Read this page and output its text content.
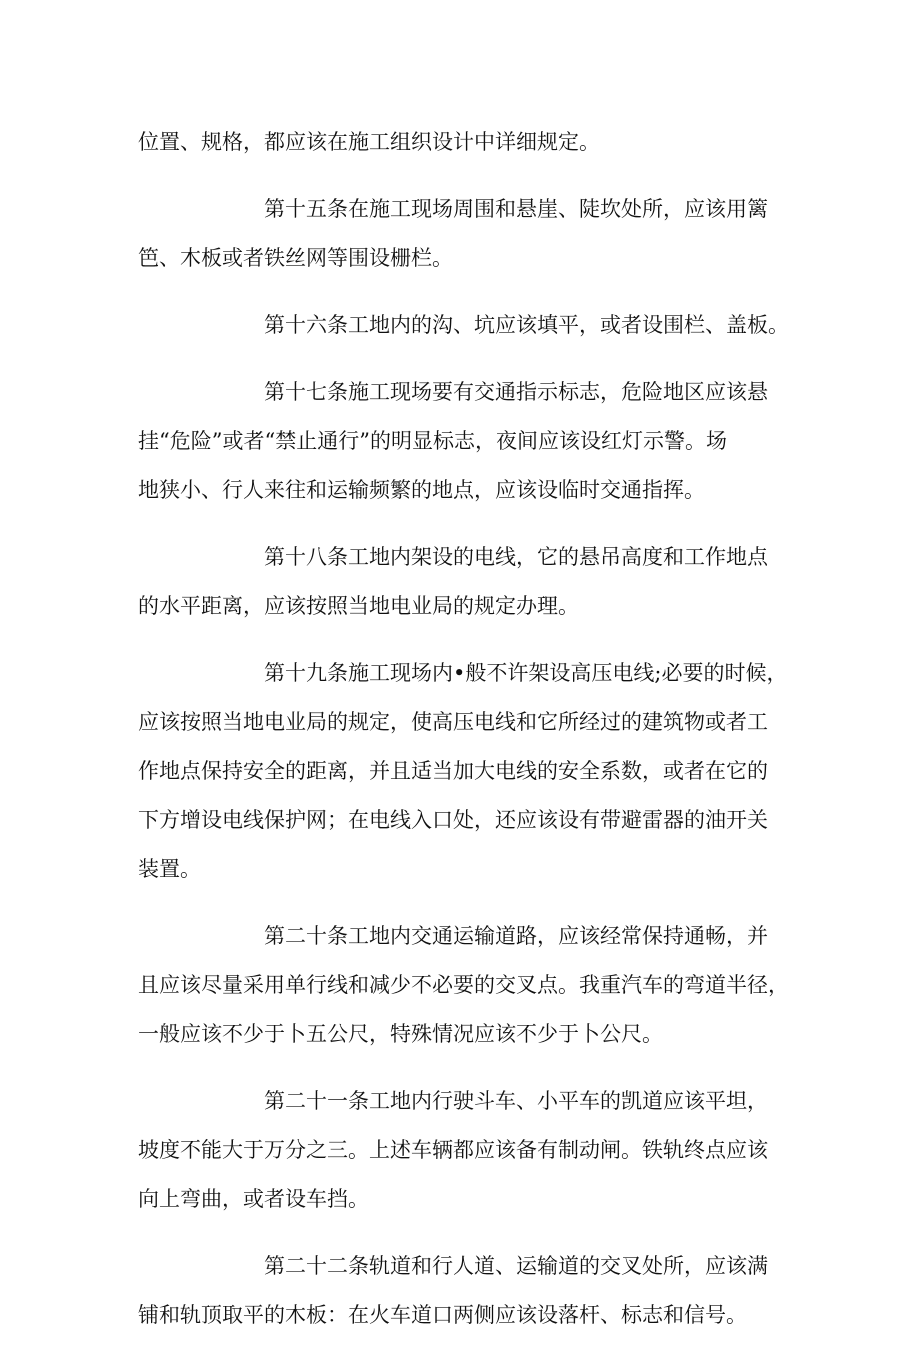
位置、规格，都应该在施工组织设计中详细规定。

第十五条在施工现场周围和悬崖、陡坎处所，应该用篱
笆、木板或者铁丝网等围设栅栏。

第十六条工地内的沟、坑应该填平，或者设围栏、盖板。

第十七条施工现场要有交通指示标志，危险地区应该悬
挂“危险”或者“禁止通行”的明显标志，夜间应该设红灯示警。场
地狭小、行人来往和运输频繁的地点，应该设临时交通指挥。

第十八条工地内架设的电线，它的悬吊高度和工作地点
的水平距离，应该按照当地电业局的规定办理。

第十九条施工现场内•般不许架设高压电线;必要的时候，
应该按照当地电业局的规定，使高压电线和它所经过的建筑物或者工
作地点保持安全的距离，并且适当加大电线的安全系数，或者在它的
下方增设电线保护网；在电线入口处，还应该设有带避雷器的油开关
装置。

第二十条工地内交通运输道路，应该经常保持通畅，并
且应该尽量采用单行线和减少不必要的交叉点。我重汽车的弯道半径，
一般应该不少于卜五公尺，特殊情况应该不少于卜公尺。

第二十一条工地内行驶斗车、小平车的凯道应该平坦，
坡度不能大于万分之三。上述车辆都应该备有制动闸。铁轨终点应该
向上弯曲，或者设车挡。

第二十二条轨道和行人道、运输道的交叉处所，应该满
铺和轨顶取平的木板：在火车道口两侧应该设落杆、标志和信号。
